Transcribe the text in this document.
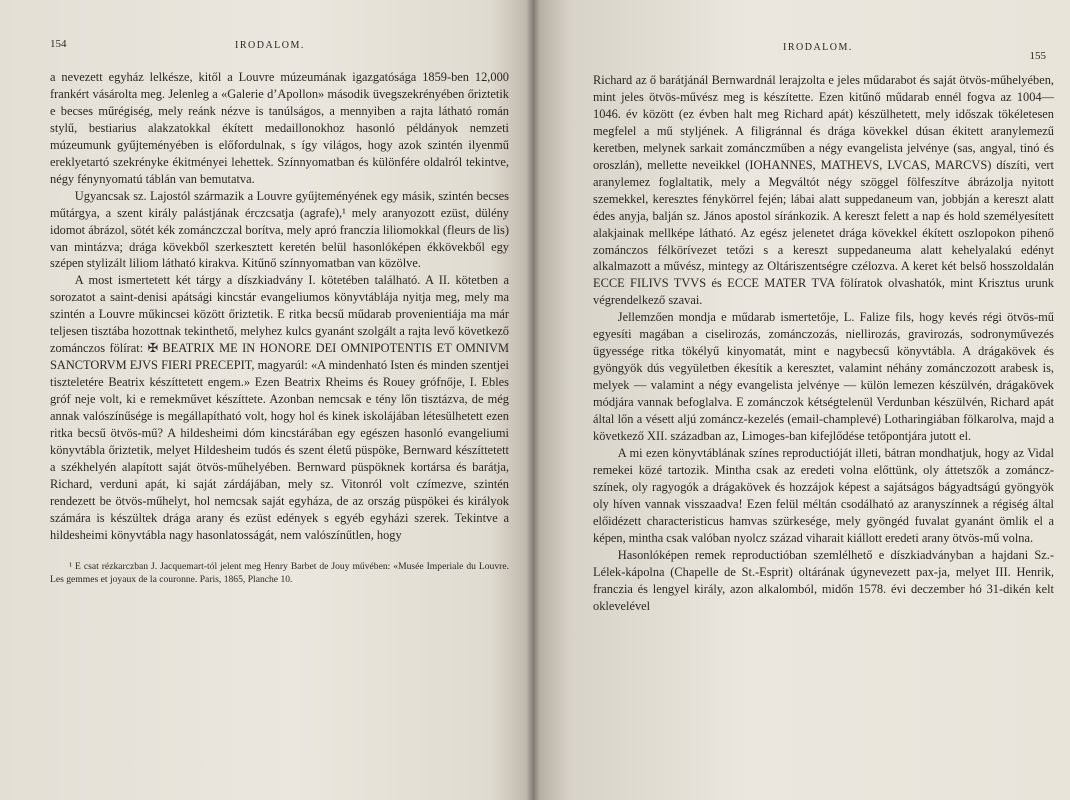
154	IRODALOM.

a nevezett egyház lelkésze, kitől a Louvre múzeumának igazgatósága 1859-ben 12,000 frankért vásárolta meg. Jelenleg a «Galerie d’Apollon» második üvegszekrényében őriztetik e becses műrégiség, mely reánk nézve is tanúlságos, a mennyiben a rajta látható román stylű, bestiarius alakzatokkal ékített medaillonokhoz hasonló példányok nemzeti múzeumunk gyűjteményében is előfordulnak, s így világos, hogy azok szintén ilyenmű ereklyetartó szekrényke ékitményei lehettek. Színnyomatban és különfére oldalról tekintve, négy fénynyomatú táblán van bemutatva.

Ugyancsak sz. Lajostól származik a Louvre gyűjteményének egy másik, szintén becses műtárgya, a szent király palástjának érczcsatja (agrafe),¹ mely aranyozott ezüst, dülény idomot ábrázol, sötét kék zománczczal borítva, mely apró franczia liliomokkal (fleurs de lis) van mintázva; drága kövekből szerkesztett keretén belül hasonlóképen ékkövekből egy szépen stylizált liliom látható kirakva. Kitűnő színnyomatban van közölve.

A most ismertetett két tárgy a díszkiadvány I. kötetében található. A II. kötetben a sorozatot a saint-denisi apátsági kincstár evangeliumos könyvtáblája nyitja meg, mely ma szintén a Louvre műkincsei között őriztetik. E ritka becsű műdarab provenientiája ma már teljesen tisztába hozottnak tekinthető, melyhez kulcs gyanánt szolgált a rajta levő következő zománczos fölírat: ✠ BEATRIX ME IN HONORE DEI OMNIPOTENTIS ET OMNIVM SANCTORVM EJVS FIERI PRECEPIT, magyarúl: «A mindenható Isten és minden szentjei tiszteletére Beatrix készíttetett engem.» Ezen Beatrix Rheims és Rouey grófnője, I. Ebles gróf neje volt, ki e remekművet készíttete. Azonban nemcsak e tény lőn tisztázva, de még annak valószínűsége is megállapítható volt, hogy hol és kinek iskolájában létesülhetett ezen ritka becsű ötvös-mű? A hildesheimi dóm kincstárában egy egészen hasonló evangeliumi könyvtábla őriztetik, melyet Hildesheim tudós és szent életű püspöke, Bernward készíttetett a székhelyén alapított saját ötvös-műhelyében. Bernward püspöknek kortársa és barátja, Richard, verduni apát, ki saját zárdájában, mely sz. Vitonról volt czímezve, szintén rendezett be ötvös-műhelyt, hol nemcsak saját egyháza, de az ország püspökei és királyok számára is készültek drága arany és ezüst edények s egyéb egyházi szerek. Tekintve a hildesheimi könyvtábla nagy hasonlatosságát, nem valószínűtlen, hogy

¹ E csat rézkarczban J. Jacquemart-tól jelent meg Henry Barbet de Jouy művében: «Musée Imperiale du Louvre. Les gemmes et joyaux de la couronne. Paris, 1865, Planche 10.

IRODALOM.
155

Richard az ő barátjánál Bernwardnál lerajzolta e jeles műdarabot és saját ötvös-műhelyében, mint jeles ötvös-művész meg is készítette. Ezen kitűnő műdarab ennél fogva az 1004—1046. év között (ez évben halt meg Richard apát) készülhetett, mely időszak tökéletesen megfelel a mű styljének. A filigránnal és drága kövekkel dúsan ékitett aranylemezű keretben, melynek sarkait zománczműben a négy evangelista jelvénye (sas, angyal, tinó és oroszlán), mellette neveikkel (IOHANNES, MATHEVS, LVCAS, MARCVS) díszíti, vert aranylemez foglaltatik, mely a Megváltót négy szöggel fölfeszítve ábrázolja nyitott szemekkel, keresztes fénykörrel fején; lábai alatt suppedaneum van, jobbján a kereszt alatt édes anyja, balján sz. János apostol síránkozik. A kereszt felett a nap és hold személyesített alakjainak mellképe látható. Az egész jelenetet drága kövekkel ékített oszlopokon pihenő zománczos félkörívezet tetőzi s a kereszt suppedaneuma alatt kehelyalakú edényt alkalmazott a művész, mintegy az Oltáriszentségre czélozva. A keret két belső hosszoldalán ECCE FILIVS TVVS és ECCE MATER TVA fölíratok olvashatók, mint Krisztus urunk végrendelkező szavai.

Jellemzően mondja e műdarab ismertetője, L. Falize fils, hogy kevés régi ötvös-mű egyesíti magában a ciselirozás, zománczozás, niellirozás, gravirozás, sodronyművezés ügyessége ritka tökélyű kinyomatát, mint e nagybecsű könyvtábla. A drágakövek és gyöngyök dús vegyületben ékesítik a keresztet, valamint néhány zománczozott arabesk is, melyek — valamint a négy evangelista jelvénye — külön lemezen készülvén, drágakövek módjára vannak befoglalva. E zománczok kétségtelenül Verdunban készülvén, Richard apát által lőn a vésett aljú zománcz-kezelés (email-champlevé) Lotharingiában fölkarolva, majd a következő XII. században az, Limoges-ban kifejlődése tetőpontjára jutott el.

A mi ezen könyvtáblának színes reproductióját illeti, bátran mondhatjuk, hogy az Vidal remekei közé tartozik. Mintha csak az eredeti volna előttünk, oly áttetszők a zománcz-színek, oly ragyogók a drágakövek és hozzájok képest a sajátságos bágyadtságú gyöngyök oly híven vannak visszaadva! Ezen felül méltán csodálható az aranyszínnek a régiség által előidézett characteristicus hamvas szürkesége, mely gyöngéd fuvalat gyanánt ömlik el a képen, mintha csak valóban nyolcz század viharait kiállott eredeti arany ötvös-mű volna.

Hasonlóképen remek reproductióban szemlélhető e díszkiadványban a hajdani Sz.-Lélek-kápolna (Chapelle de St.-Esprit) oltárának úgynevezett pax-ja, melyet III. Henrik, franczia és lengyel király, azon alkalomból, midőn 1578. évi deczember hó 31-dikén kelt oklevelével
